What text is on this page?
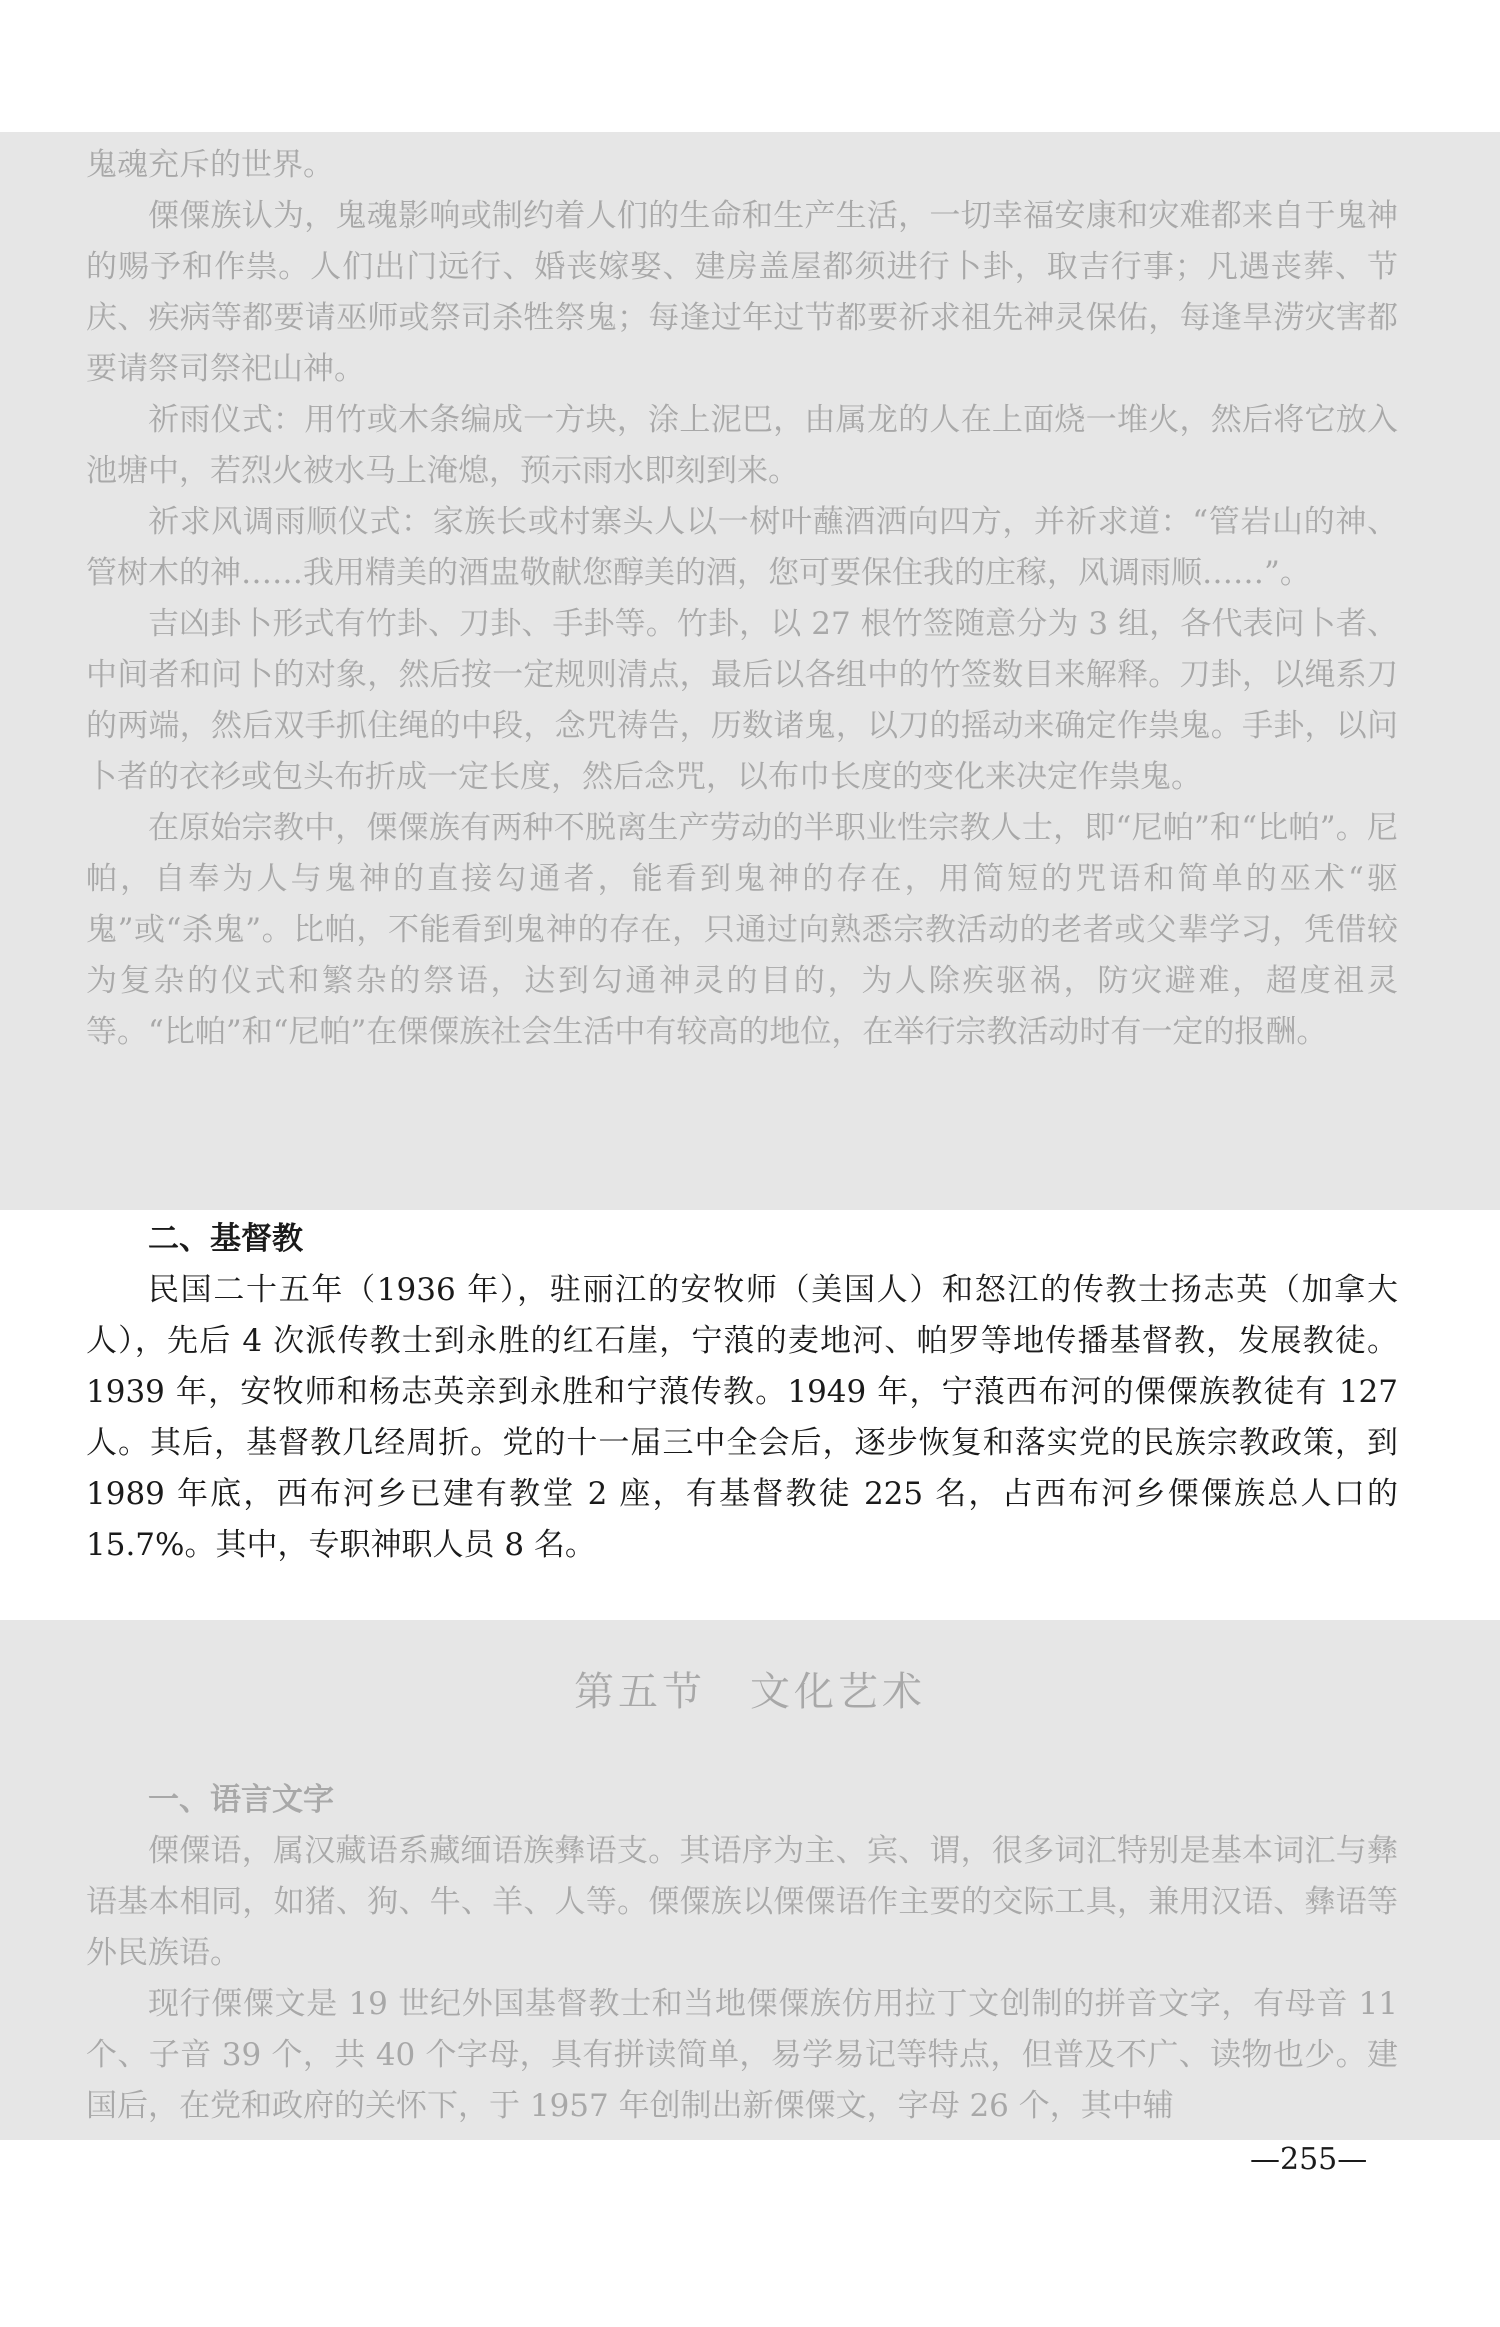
鬼魂充斥的世界。

傈僳族认为，鬼魂影响或制约着人们的生命和生产生活，一切幸福安康和灾难都来自于鬼神的赐予和作祟。人们出门远行、婚丧嫁娶、建房盖屋都须进行卜卦，取吉行事；凡遇丧葬、节庆、疾病等都要请巫师或祭司杀牲祭鬼；每逢过年过节都要祈求祖先神灵保佑，每逢旱涝灾害都要请祭司祭祀山神。

祈雨仪式：用竹或木条编成一方块，涂上泥巴，由属龙的人在上面烧一堆火，然后将它放入池塘中，若烈火被水马上淹熄，预示雨水即刻到来。

祈求风调雨顺仪式：家族长或村寨头人以一树叶蘸酒洒向四方，并祈求道：“管岩山的神、管树木的神……我用精美的酒盅敬献您醇美的酒，您可要保住我的庄稼，风调雨顺……”。

吉凶卦卜形式有竹卦、刀卦、手卦等。竹卦，以 27 根竹签随意分为 3 组，各代表问卜者、中间者和问卜的对象，然后按一定规则清点，最后以各组中的竹签数目来解释。刀卦，以绳系刀的两端，然后双手抓住绳的中段，念咒祷告，历数诸鬼，以刀的摇动来确定作祟鬼。手卦，以问卜者的衣衫或包头布折成一定长度，然后念咒，以布巾长度的变化来决定作祟鬼。

在原始宗教中，傈僳族有两种不脱离生产劳动的半职业性宗教人士，即“尼帕”和“比帕”。尼帕，自奉为人与鬼神的直接勾通者，能看到鬼神的存在，用简短的咒语和简单的巫术“驱鬼”或“杀鬼”。比帕，不能看到鬼神的存在，只通过向熟悉宗教活动的老者或父辈学习，凭借较为复杂的仪式和繁杂的祭语，达到勾通神灵的目的，为人除疾驱祸，防灾避难，超度祖灵等。“比帕”和“尼帕”在傈僳族社会生活中有较高的地位，在举行宗教活动时有一定的报酬。

二、基督教

民国二十五年（1936 年），驻丽江的安牧师（美国人）和怒江的传教士扬志英（加拿大人），先后 4 次派传教士到永胜的红石崖，宁蒗的麦地河、帕罗等地传播基督教，发展教徒。1939 年，安牧师和杨志英亲到永胜和宁蒗传教。1949 年，宁蒗西布河的傈僳族教徒有 127 人。其后，基督教几经周折。党的十一届三中全会后，逐步恢复和落实党的民族宗教政策，到 1989 年底，西布河乡已建有教堂 2 座，有基督教徒 225 名，占西布河乡傈僳族总人口的 15.7%。其中，专职神职人员 8 名。

第五节　文化艺术
一、语言文字

傈僳语，属汉藏语系藏缅语族彝语支。其语序为主、宾、谓，很多词汇特别是基本词汇与彝语基本相同，如猪、狗、牛、羊、人等。傈僳族以傈僳语作主要的交际工具，兼用汉语、彝语等外民族语。

现行傈僳文是 19 世纪外国基督教士和当地傈僳族仿用拉丁文创制的拼音文字，有母音 11 个、子音 39 个，共 40 个字母，具有拼读简单，易学易记等特点，但普及不广、读物也少。建国后，在党和政府的关怀下，于 1957 年创制出新傈僳文，字母 26 个，其中辅

—255—
